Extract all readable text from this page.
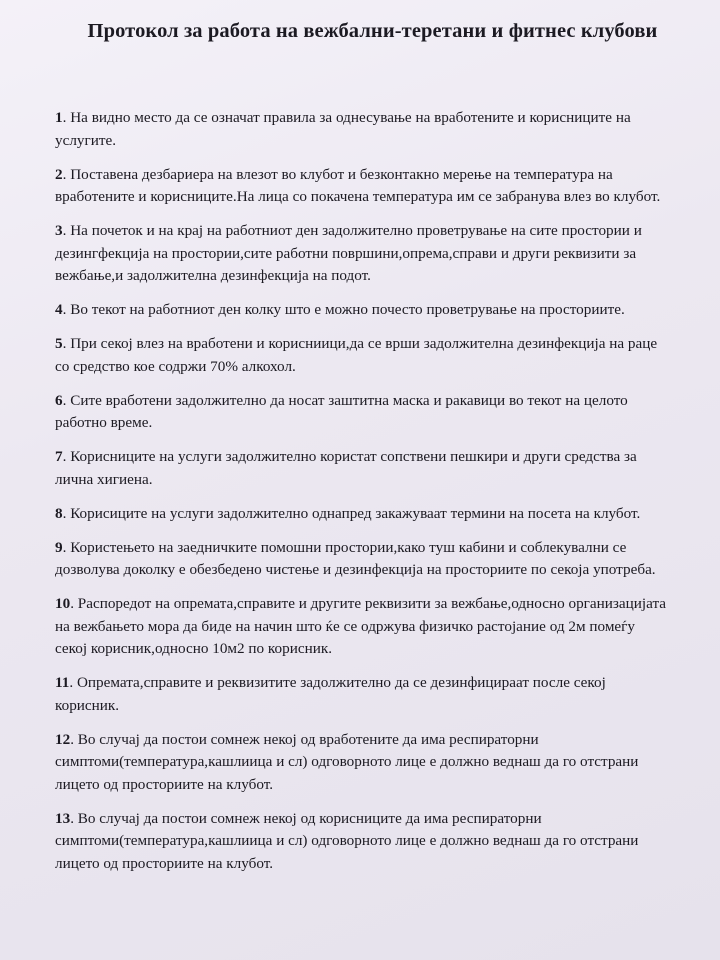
Протокол за работа на вежбални-теретани и фитнес клубови
1. На видно место да се означат правила за однесување на вработените и корисниците на услугите.
2. Поставена дезбариера на влезот во клубот и безконтакно мерење на температура на вработените и корисниците.На лица со покачена температура им се забранува влез во клубот.
3. На почеток и на крај на работниот ден задолжително проветрување на сите простории и дезингфекција на простории,сите работни површини,опрема,справи и други реквизити за вежбање,и задолжителна дезинфекција на подот.
4. Во текот на работниот ден колку што е можно почесто проветрување на просториите.
5. При секој влез на вработени и корисниици,да се врши задолжителна дезинфекција на раце со средство кое содржи 70% алкохол.
6. Сите вработени задолжително да носат заштитна маска и ракавици во текот на целото работно време.
7. Корисниците на услуги задолжително користат сопствени пешкири и други средства за лична хигиена.
8. Корисиците на услуги задолжително однапред закажуваат термини на посета на клубот.
9. Користењето на заедничките помошни простории,како туш кабини и соблекувални се дозволува доколку е обезбедено чистење и дезинфекција на просториите по секоја употреба.
10. Распоредот на опремата,справите и другите реквизити за вежбање,односно организацијата на вежбањето мора да биде на начин што ќе се одржува физичко растојание од 2м помеѓу секој корисник,односно 10м2 по корисник.
11. Опремата,справите и реквизитите задолжително да се дезинфицираат после секој корисник.
12. Во случај да постои сомнеж некој од вработените да има респираторни симптоми(температура,кашлиица и сл) одговорното лице е должно веднаш да го отстрани лицето од просториите на клубот.
13. Во случај да постои сомнеж некој од корисниците да има респираторни симптоми(температура,кашлиица и сл) одговорното лице е должно веднаш да го отстрани лицето од просториите на клубот.
